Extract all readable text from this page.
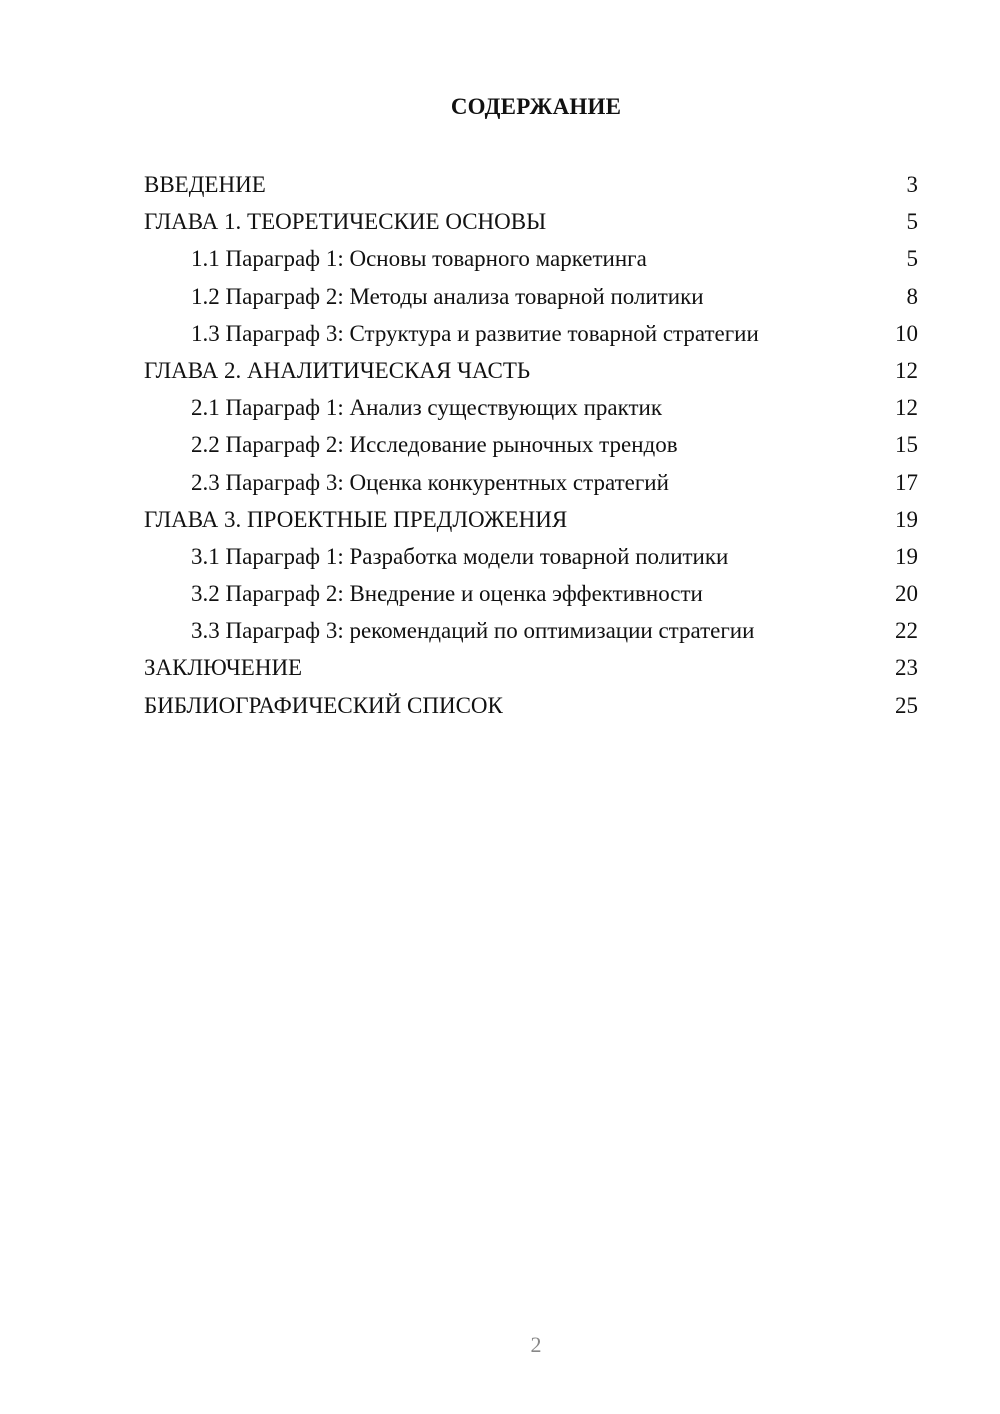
СОДЕРЖАНИЕ
ВВЕДЕНИЕ	3
ГЛАВА 1. ТЕОРЕТИЧЕСКИЕ ОСНОВЫ	5
1.1 Параграф 1: Основы товарного маркетинга	5
1.2 Параграф 2: Методы анализа товарной политики	8
1.3 Параграф 3: Структура и развитие товарной стратегии	10
ГЛАВА 2. АНАЛИТИЧЕСКАЯ ЧАСТЬ	12
2.1 Параграф 1: Анализ существующих практик	12
2.2 Параграф 2: Исследование рыночных трендов	15
2.3 Параграф 3: Оценка конкурентных стратегий	17
ГЛАВА 3. ПРОЕКТНЫЕ ПРЕДЛОЖЕНИЯ	19
3.1 Параграф 1: Разработка модели товарной политики	19
3.2 Параграф 2: Внедрение и оценка эффективности	20
3.3 Параграф 3: рекомендаций по оптимизации стратегии	22
ЗАКЛЮЧЕНИЕ	23
БИБЛИОГРАФИЧЕСКИЙ СПИСОК	25
2
